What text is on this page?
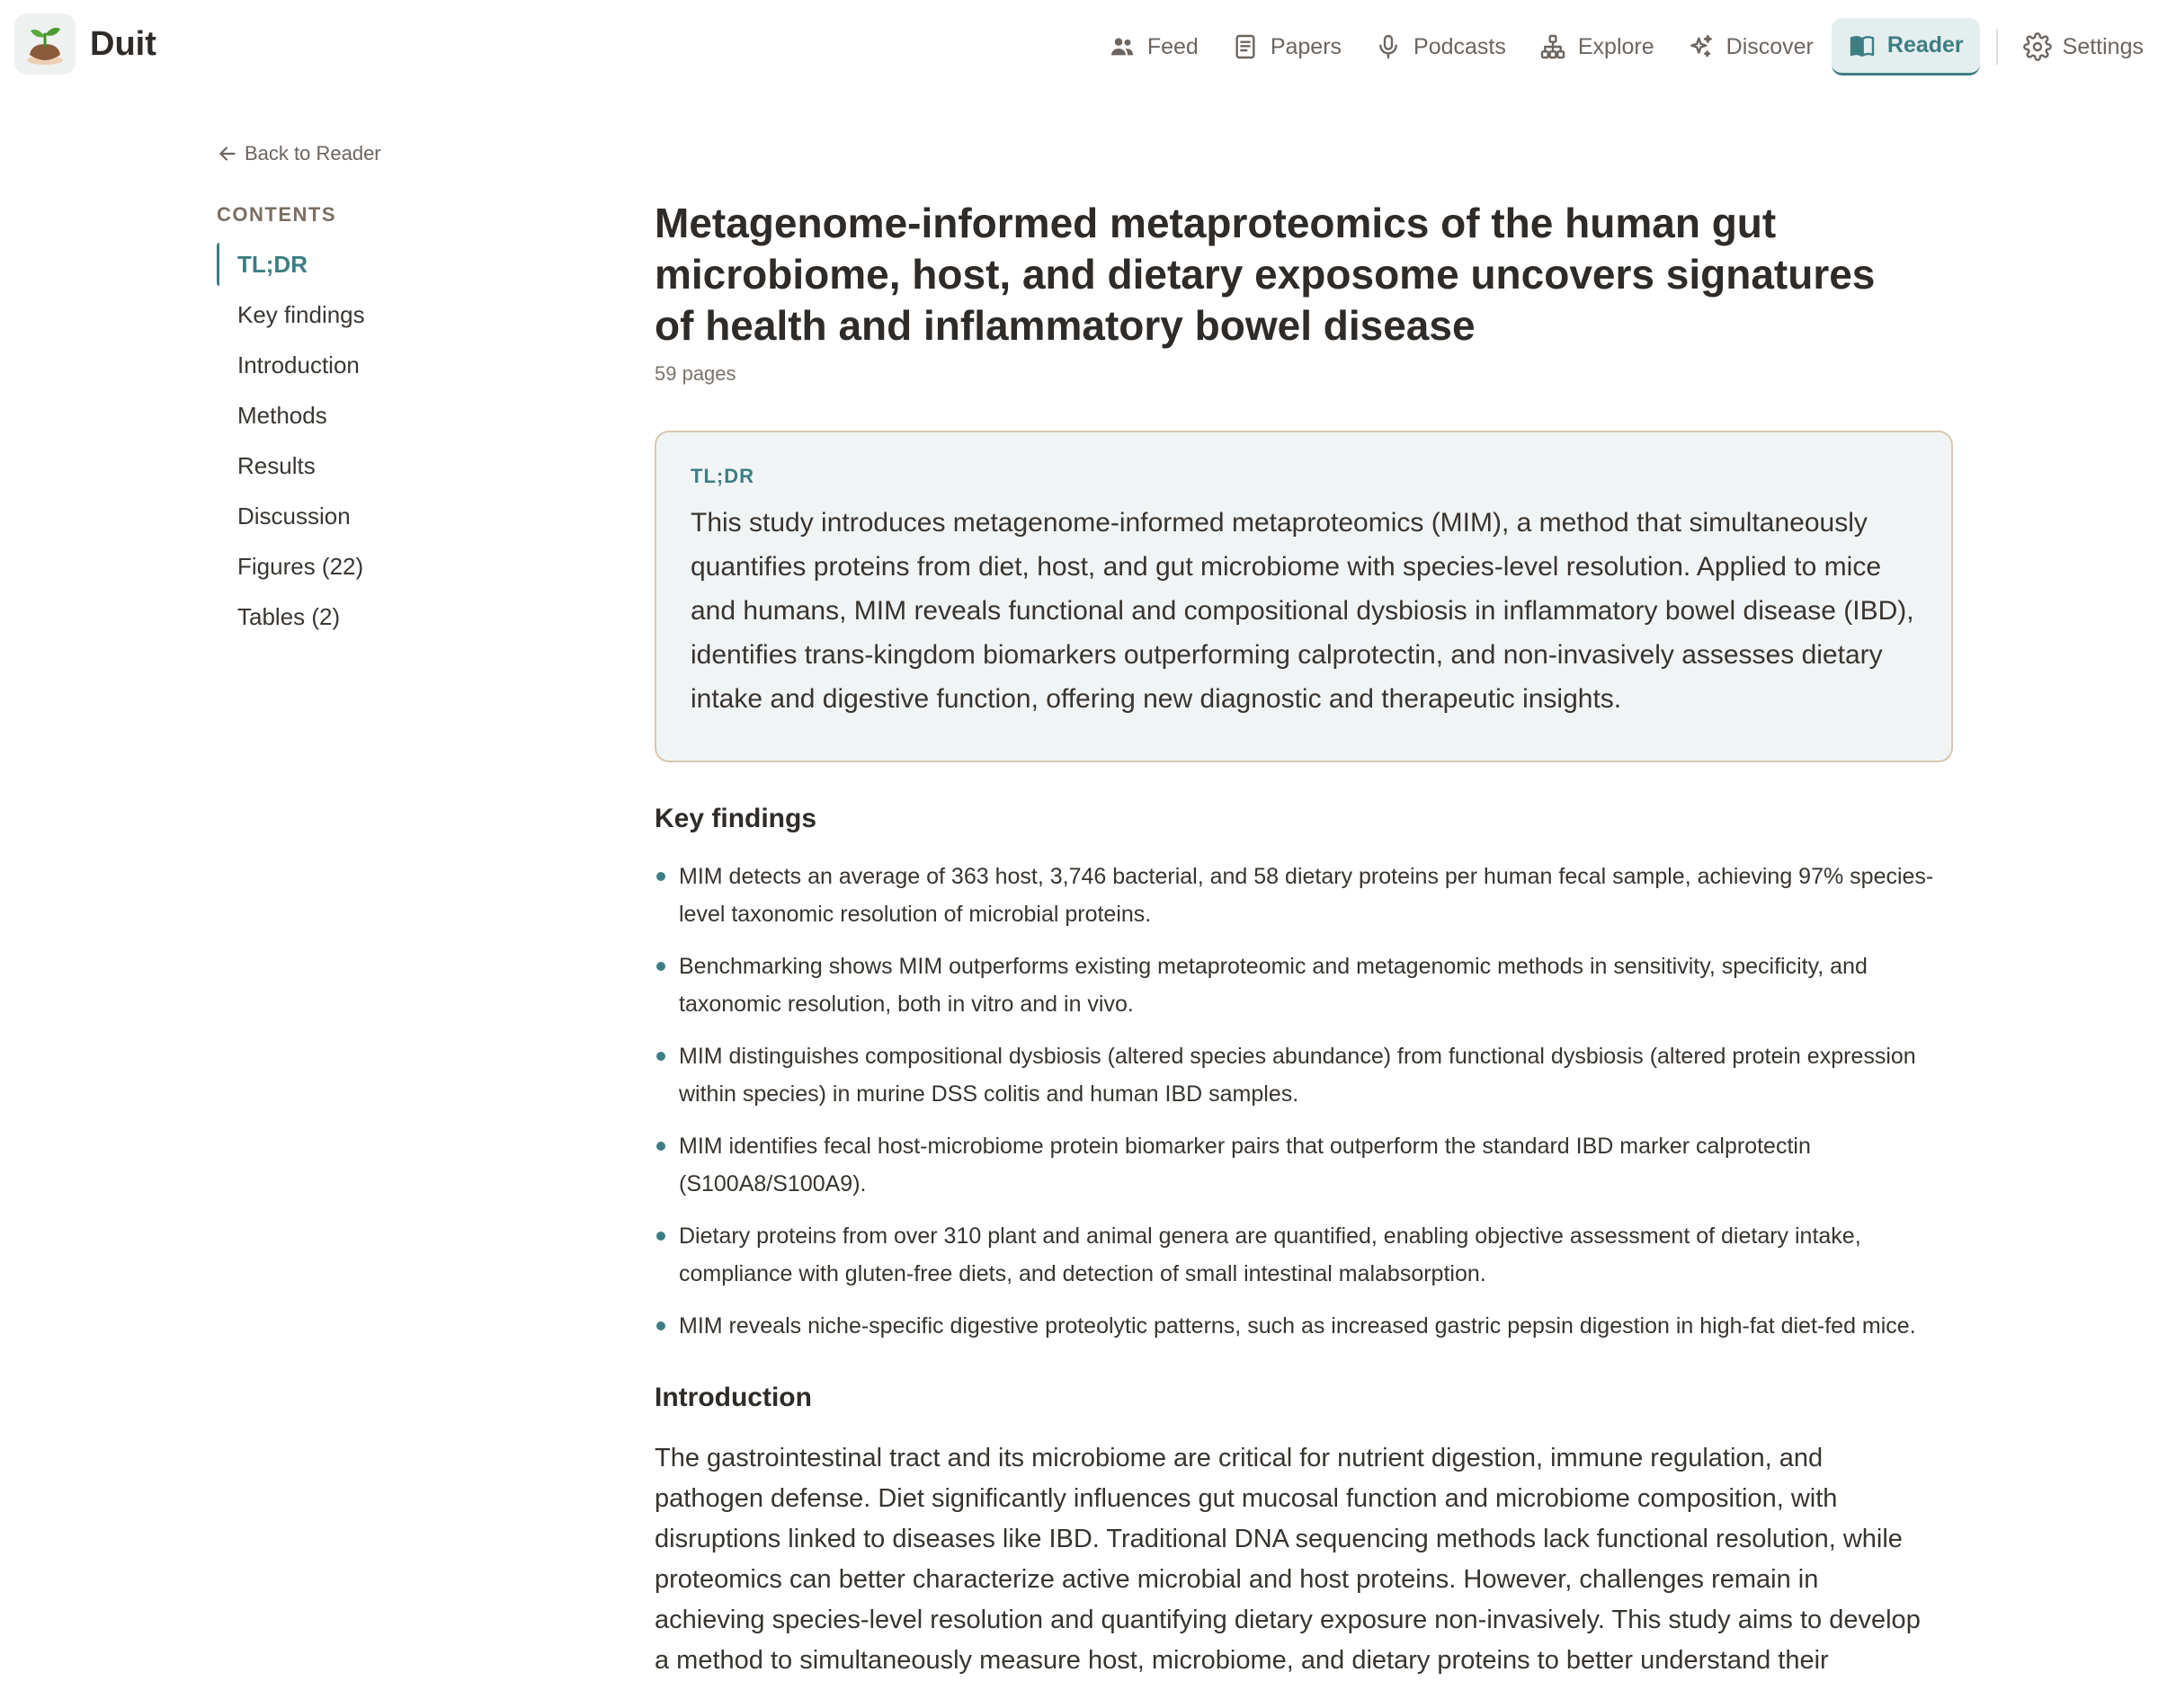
Duit	Feed	Papers	Podcasts	Explore	Discover	Reader	Settings
Back to Reader
CONTENTS
TL;DR
Key findings
Introduction
Methods
Results
Discussion
Figures (22)
Tables (2)
Metagenome-informed metaproteomics of the human gut microbiome, host, and dietary exposome uncovers signatures of health and inflammatory bowel disease
59 pages
TL;DR
This study introduces metagenome-informed metaproteomics (MIM), a method that simultaneously quantifies proteins from diet, host, and gut microbiome with species-level resolution. Applied to mice and humans, MIM reveals functional and compositional dysbiosis in inflammatory bowel disease (IBD), identifies trans-kingdom biomarkers outperforming calprotectin, and non-invasively assesses dietary intake and digestive function, offering new diagnostic and therapeutic insights.
Key findings
MIM detects an average of 363 host, 3,746 bacterial, and 58 dietary proteins per human fecal sample, achieving 97% species-level taxonomic resolution of microbial proteins.
Benchmarking shows MIM outperforms existing metaproteomic and metagenomic methods in sensitivity, specificity, and taxonomic resolution, both in vitro and in vivo.
MIM distinguishes compositional dysbiosis (altered species abundance) from functional dysbiosis (altered protein expression within species) in murine DSS colitis and human IBD samples.
MIM identifies fecal host-microbiome protein biomarker pairs that outperform the standard IBD marker calprotectin (S100A8/S100A9).
Dietary proteins from over 310 plant and animal genera are quantified, enabling objective assessment of dietary intake, compliance with gluten-free diets, and detection of small intestinal malabsorption.
MIM reveals niche-specific digestive proteolytic patterns, such as increased gastric pepsin digestion in high-fat diet-fed mice.
Introduction
The gastrointestinal tract and its microbiome are critical for nutrient digestion, immune regulation, and pathogen defense. Diet significantly influences gut mucosal function and microbiome composition, with disruptions linked to diseases like IBD. Traditional DNA sequencing methods lack functional resolution, while proteomics can better characterize active microbial and host proteins. However, challenges remain in achieving species-level resolution and quantifying dietary exposure non-invasively. This study aims to develop a method to simultaneously measure host, microbiome, and dietary proteins to better understand their
